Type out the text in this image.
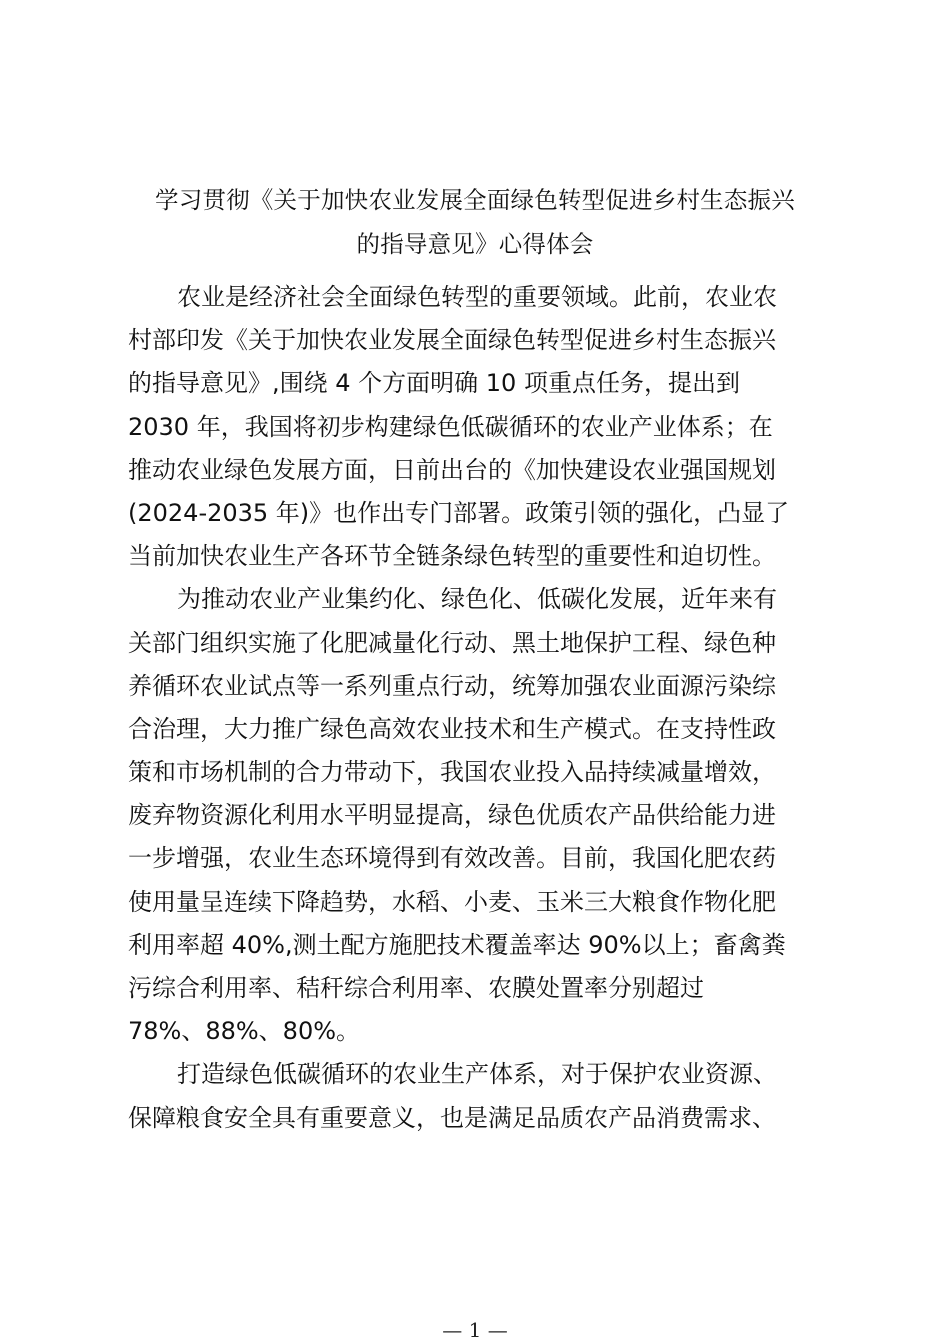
学习贯彻《关于加快农业发展全面绿色转型促进乡村生态振兴
的指导意见》心得体会
农业是经济社会全面绿色转型的重要领域。此前，农业农
村部印发《关于加快农业发展全面绿色转型促进乡村生态振兴
的指导意见》,围绕 4 个方面明确 10 项重点任务，提出到
2030 年，我国将初步构建绿色低碳循环的农业产业体系；在
推动农业绿色发展方面，日前出台的《加快建设农业强国规划
(2024-2035 年)》也作出专门部署。政策引领的强化，凸显了
当前加快农业生产各环节全链条绿色转型的重要性和迫切性。
为推动农业产业集约化、绿色化、低碳化发展，近年来有
关部门组织实施了化肥减量化行动、黑土地保护工程、绿色种
养循环农业试点等一系列重点行动，统筹加强农业面源污染综
合治理，大力推广绿色高效农业技术和生产模式。在支持性政
策和市场机制的合力带动下，我国农业投入品持续减量增效，
废弃物资源化利用水平明显提高，绿色优质农产品供给能力进
一步增强，农业生态环境得到有效改善。目前，我国化肥农药
使用量呈连续下降趋势，水稻、小麦、玉米三大粮食作物化肥
利用率超 40%,测土配方施肥技术覆盖率达 90%以上；畜禽粪
污综合利用率、秸秆综合利用率、农膜处置率分别超过
78%、88%、80%。
打造绿色低碳循环的农业生产体系，对于保护农业资源、
保障粮食安全具有重要意义，也是满足品质农产品消费需求、
— 1 —
